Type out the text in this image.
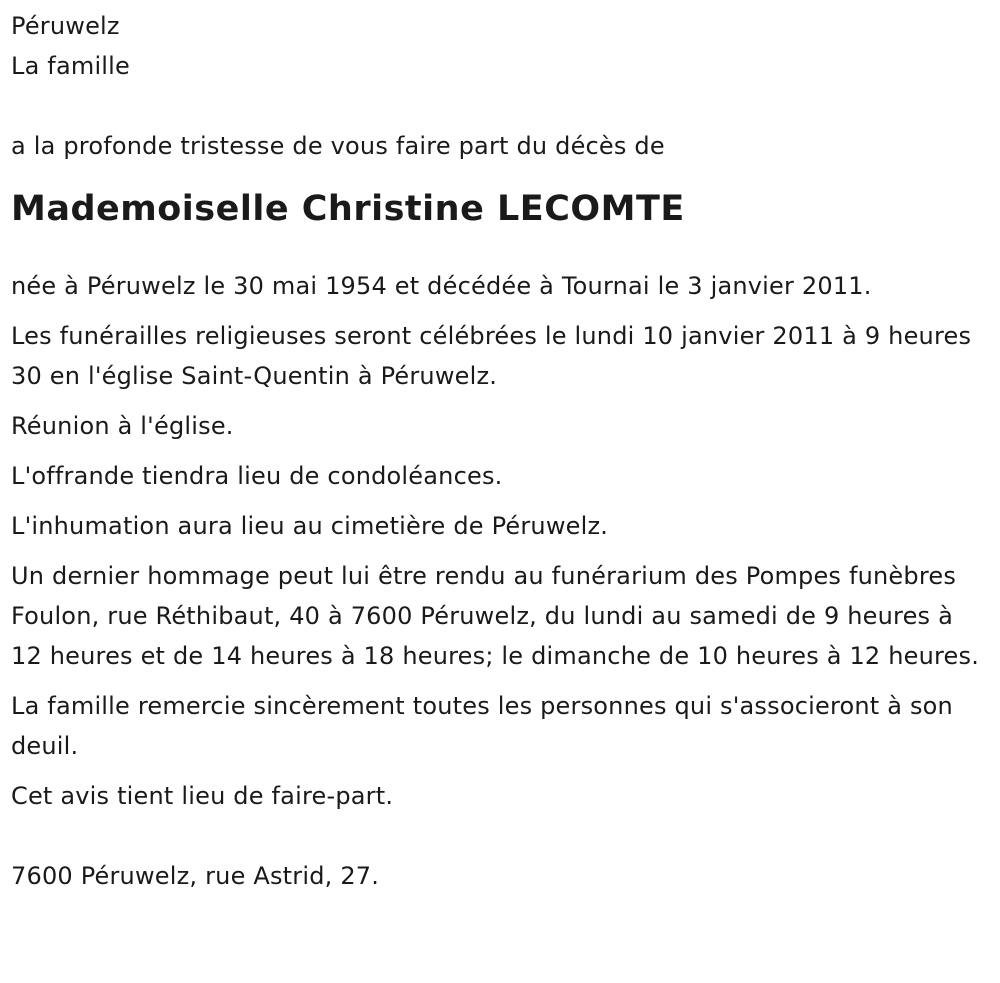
Péruwelz

La famille

a la profonde tristesse de vous faire part du décès de

Mademoiselle Christine LECOMTE

née à Péruwelz le 30 mai 1954 et décédée à Tournai le 3 janvier 2011.

Les funérailles religieuses seront célébrées le lundi 10 janvier 2011 à 9 heures 30 en l'église Saint-Quentin à Péruwelz.

Réunion à l'église.

L'offrande tiendra lieu de condoléances.

L'inhumation aura lieu au cimetière de Péruwelz.

Un dernier hommage peut lui être rendu au funérarium des Pompes funèbres Foulon, rue Réthibaut, 40 à 7600 Péruwelz, du lundi au samedi de 9 heures à 12 heures et de 14 heures à 18 heures; le dimanche de 10 heures à 12 heures.

La famille remercie sincèrement toutes les personnes qui s'associeront à son deuil.

Cet avis tient lieu de faire-part.

7600 Péruwelz, rue Astrid, 27.
